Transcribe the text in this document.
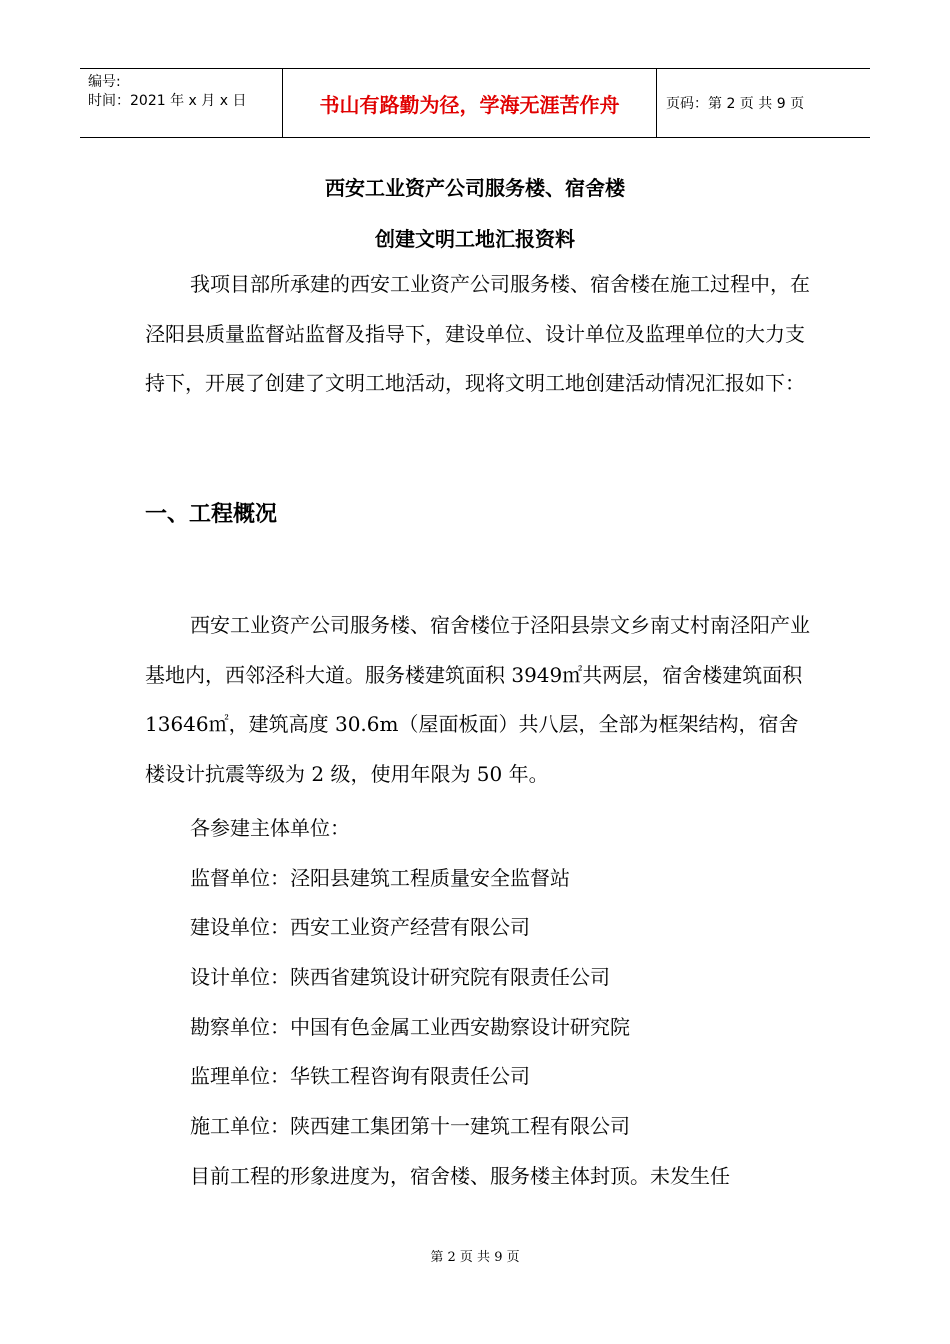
编号:
时间：2021 年 x 月 x 日	书山有路勤为径，学海无涯苦作舟	页码：第 2 页 共 9 页
西安工业资产公司服务楼、宿舍楼
创建文明工地汇报资料

我项目部所承建的西安工业资产公司服务楼、宿舍楼在施工过程中，在泾阳县质量监督站监督及指导下，建设单位、设计单位及监理单位的大力支持下，开展了创建了文明工地活动，现将文明工地创建活动情况汇报如下：

一、工程概况

西安工业资产公司服务楼、宿舍楼位于泾阳县崇文乡南丈村南泾阳产业基地内，西邻泾科大道。服务楼建筑面积 3949㎡共两层，宿舍楼建筑面积 13646㎡，建筑高度 30.6m（屋面板面）共八层，全部为框架结构，宿舍楼设计抗震等级为 2 级，使用年限为 50 年。

各参建主体单位：
监督单位：泾阳县建筑工程质量安全监督站
建设单位：西安工业资产经营有限公司
设计单位：陕西省建筑设计研究院有限责任公司
勘察单位：中国有色金属工业西安勘察设计研究院
监理单位：华铁工程咨询有限责任公司
施工单位：陕西建工集团第十一建筑工程有限公司
目前工程的形象进度为，宿舍楼、服务楼主体封顶。未发生任
第 2 页 共 9 页
